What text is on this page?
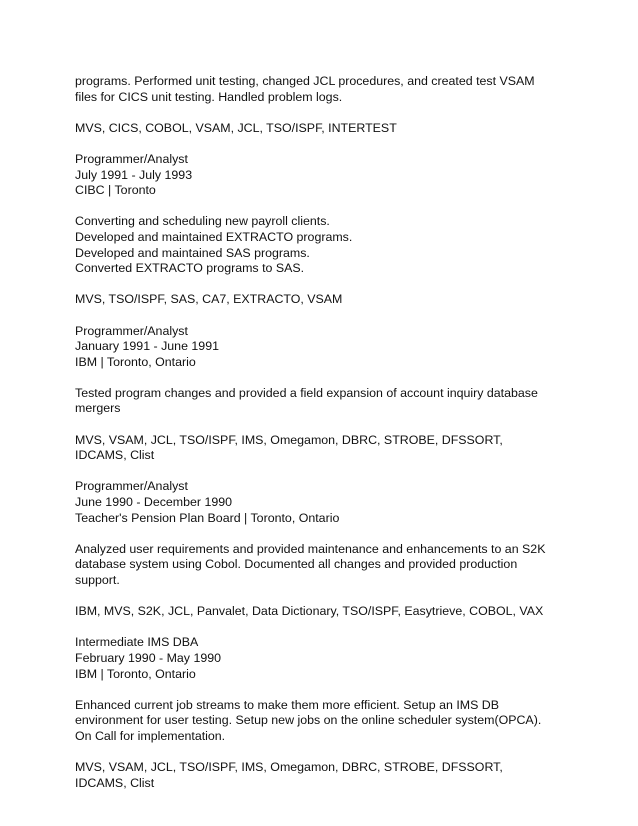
programs. Performed unit testing, changed JCL procedures, and created test VSAM
files for CICS unit testing. Handled problem logs.
MVS, CICS, COBOL, VSAM, JCL, TSO/ISPF, INTERTEST
Programmer/Analyst
July 1991 - July 1993
CIBC | Toronto
Converting and scheduling new payroll clients.
Developed and maintained EXTRACTO programs.
Developed and maintained SAS programs.
Converted EXTRACTO programs to SAS.
MVS, TSO/ISPF, SAS, CA7, EXTRACTO, VSAM
Programmer/Analyst
January 1991 - June 1991
IBM | Toronto, Ontario
Tested program changes and provided a field expansion of account inquiry database
mergers
MVS, VSAM, JCL, TSO/ISPF, IMS, Omegamon, DBRC, STROBE, DFSSORT,
IDCAMS, Clist
Programmer/Analyst
June 1990 - December 1990
Teacher's Pension Plan Board | Toronto, Ontario
Analyzed user requirements and provided maintenance and enhancements to an S2K
database system using Cobol. Documented all changes and provided production
support.
IBM, MVS, S2K, JCL, Panvalet, Data Dictionary, TSO/ISPF, Easytrieve, COBOL, VAX
Intermediate IMS DBA
February 1990 - May 1990
IBM | Toronto, Ontario
Enhanced current job streams to make them more efficient. Setup an IMS DB
environment for user testing. Setup new jobs on the online scheduler system(OPCA).
On Call for implementation.
MVS, VSAM, JCL, TSO/ISPF, IMS, Omegamon, DBRC, STROBE, DFSSORT,
IDCAMS, Clist
